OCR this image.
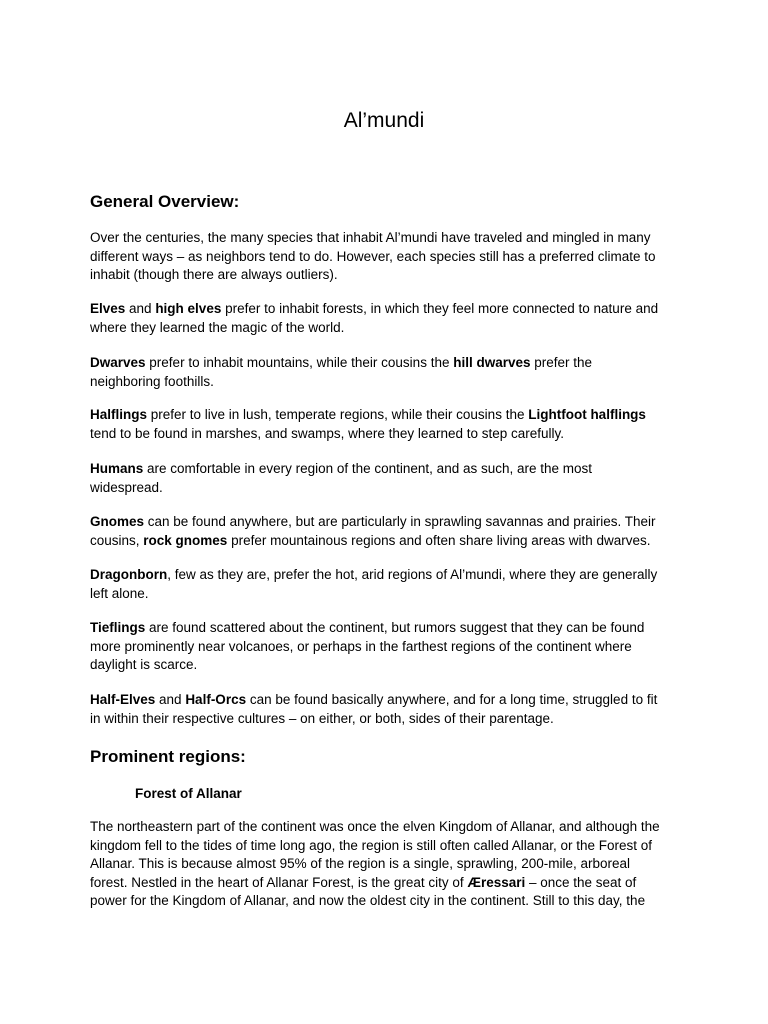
Al’mundi
General Overview:
Over the centuries, the many species that inhabit Al’mundi have traveled and mingled in many
different ways – as neighbors tend to do. However, each species still has a preferred climate to
inhabit (though there are always outliers).
Elves and high elves prefer to inhabit forests, in which they feel more connected to nature and
where they learned the magic of the world.
Dwarves prefer to inhabit mountains, while their cousins the hill dwarves prefer the
neighboring foothills.
Halflings prefer to live in lush, temperate regions, while their cousins the Lightfoot halflings
tend to be found in marshes, and swamps, where they learned to step carefully.
Humans are comfortable in every region of the continent, and as such, are the most
widespread.
Gnomes can be found anywhere, but are particularly in sprawling savannas and prairies. Their
cousins, rock gnomes prefer mountainous regions and often share living areas with dwarves.
Dragonborn, few as they are, prefer the hot, arid regions of Al’mundi, where they are generally
left alone.
Tieflings are found scattered about the continent, but rumors suggest that they can be found
more prominently near volcanoes, or perhaps in the farthest regions of the continent where
daylight is scarce.
Half-Elves and Half-Orcs can be found basically anywhere, and for a long time, struggled to fit
in within their respective cultures – on either, or both, sides of their parentage.
Prominent regions:
Forest of Allanar
The northeastern part of the continent was once the elven Kingdom of Allanar, and although the
kingdom fell to the tides of time long ago, the region is still often called Allanar, or the Forest of
Allanar. This is because almost 95% of the region is a single, sprawling, 200-mile, arboreal
forest. Nestled in the heart of Allanar Forest, is the great city of Æressari – once the seat of
power for the Kingdom of Allanar, and now the oldest city in the continent. Still to this day, the
